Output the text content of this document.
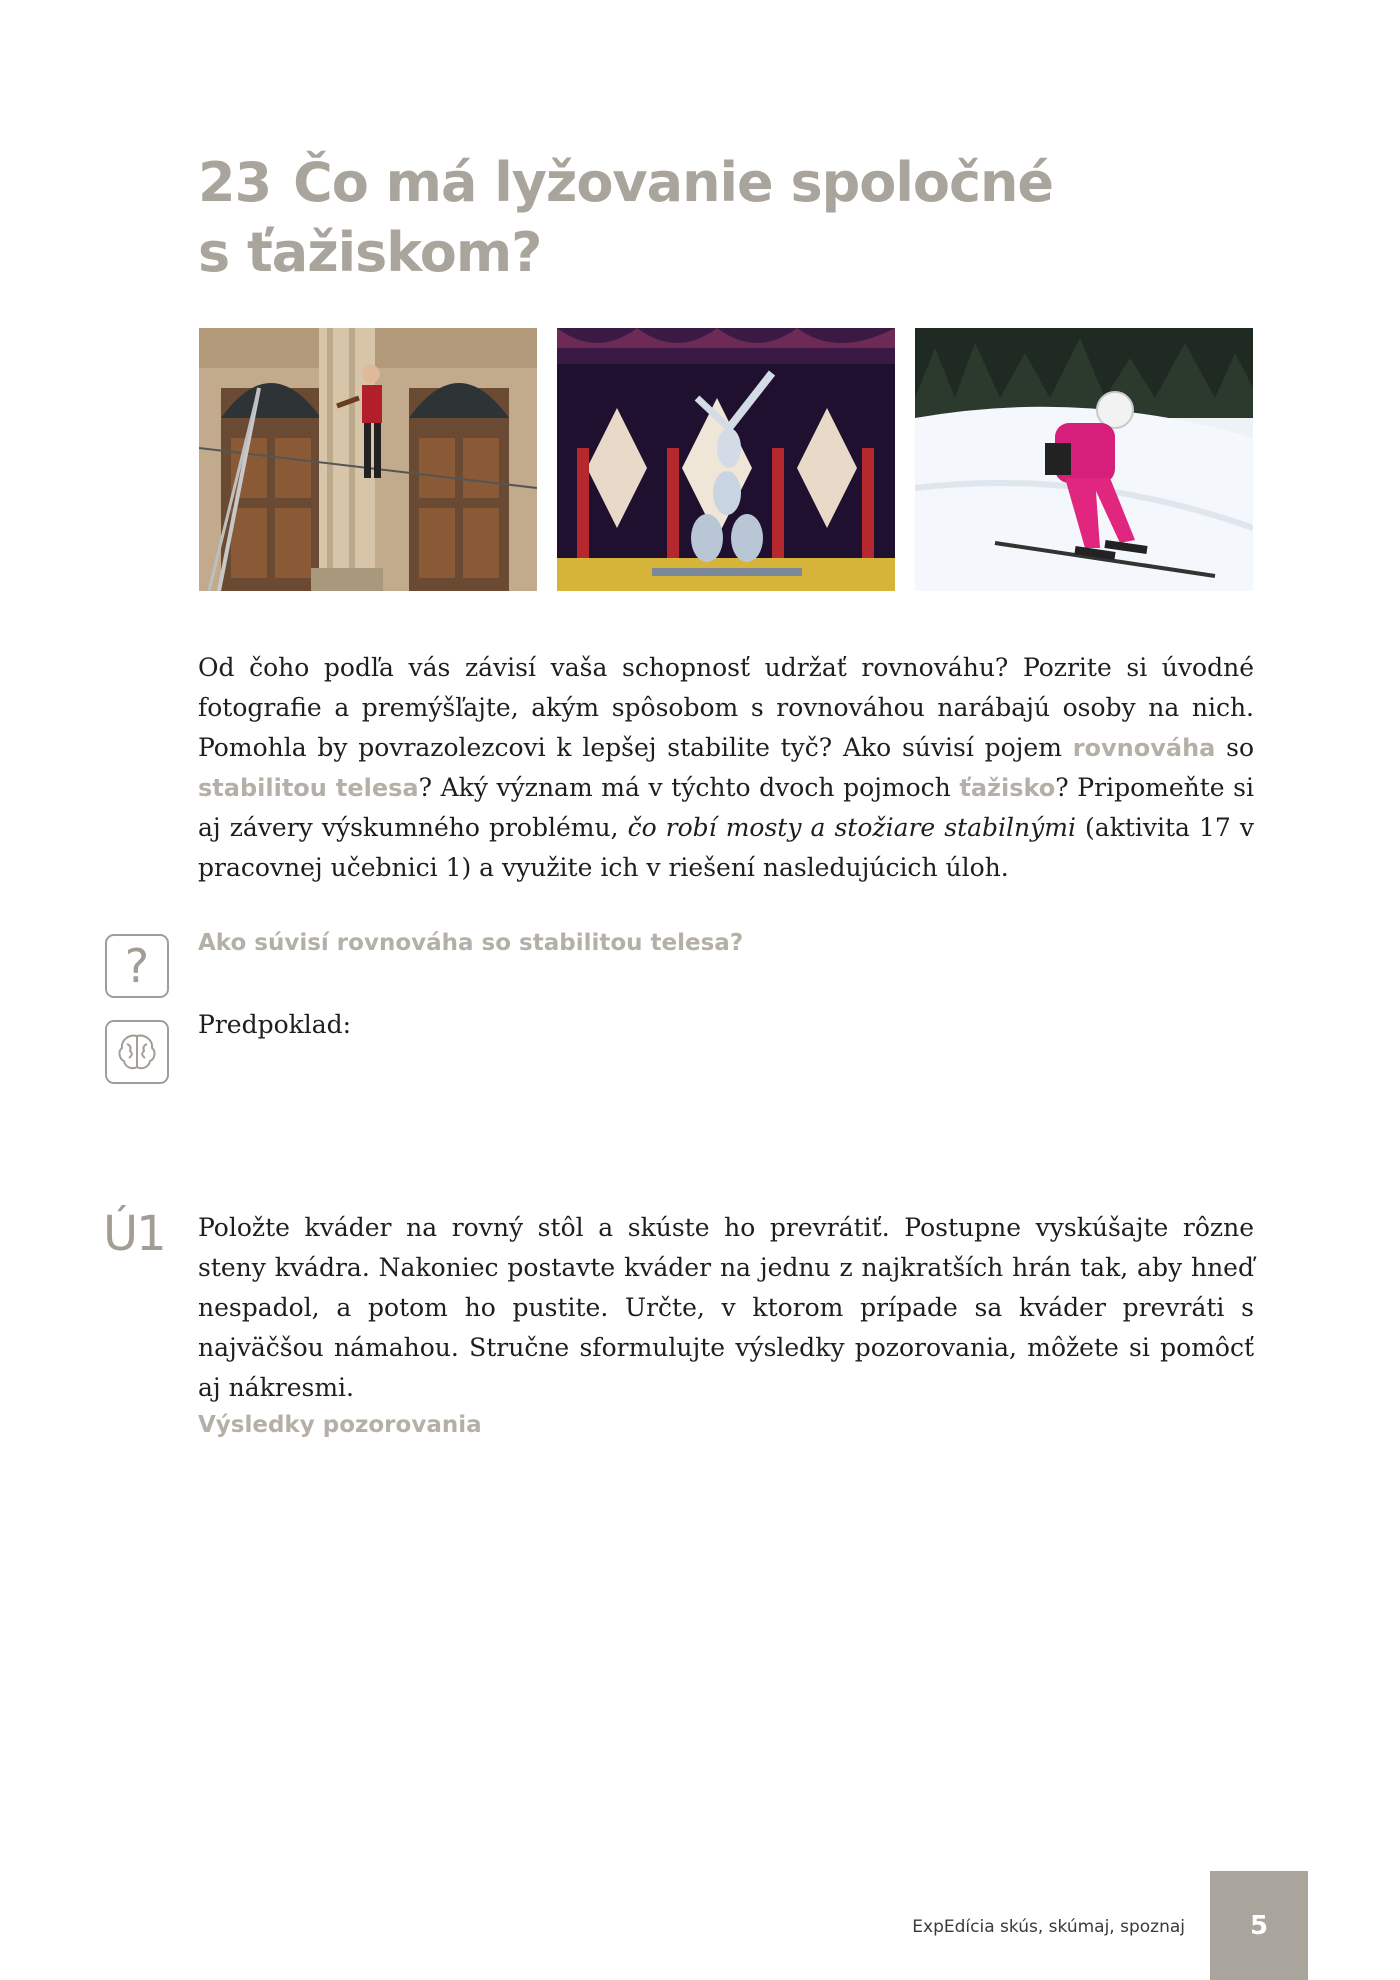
23 Čo má lyžovanie spoločné
s ťažiskom?

Od čoho podľa vás závisí vaša schopnosť udržať rovnováhu? Pozrite si úvodné fotografie a premýšľajte, akým spôsobom s rovnováhou narábajú osoby na nich. Pomohla by povrazolezcovi k lepšej stabilite tyč? Ako súvisí pojem rovnováha so stabilitou telesa? Aký význam má v týchto dvoch pojmoch ťažisko? Pripomeňte si aj závery výskumného problému, čo robí mosty a stožiare stabilnými (aktivita 17 v pracovnej učebnici 1) a využite ich v riešení nasledujúcich úloh.

? Ako súvisí rovnováha so stabilitou telesa?

Predpoklad:
Ú1 Položte kváder na rovný stôl a skúste ho prevrátiť. Postupne vyskúšajte rôzne steny kvádra. Nakoniec postavte kváder na jednu z najkratších hrán tak, aby hneď nespadol, a potom ho pustite. Určte, v ktorom prípade sa kváder prevráti s najväčšou námahou. Stručne sformulujte výsledky pozorovania, môžete si pomôcť aj nákresmi.

Výsledky pozorovania

ExpEdícia skús, skúmaj, spoznaj 5
